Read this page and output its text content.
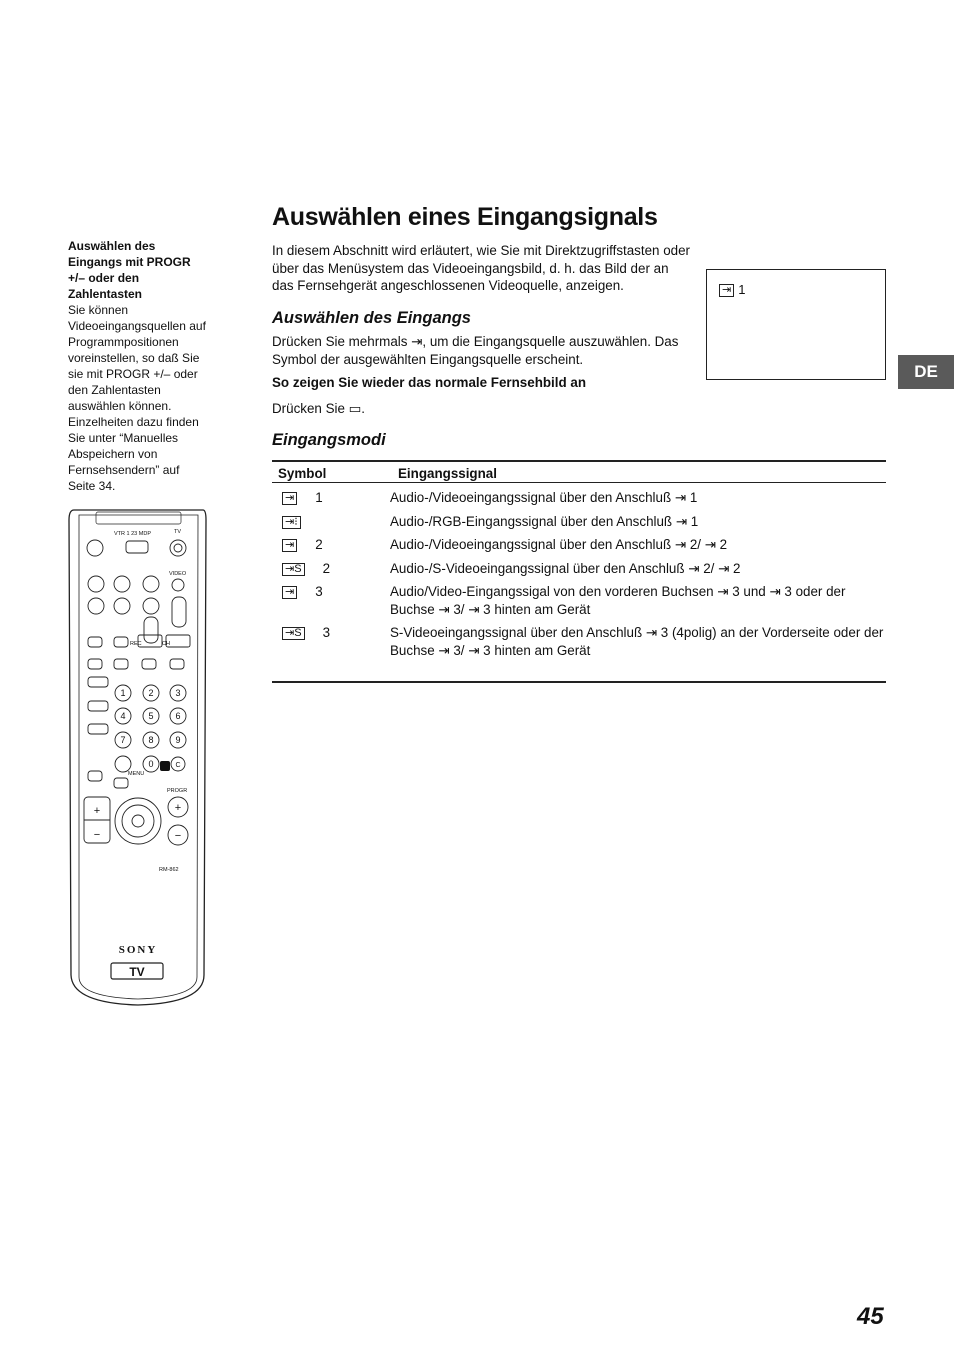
Auswählen des Eingangs mit PROGR +/– oder den Zahlentasten
Sie können Videoeingangsquellen auf Programmpositionen voreinstellen, so daß Sie sie mit PROGR +/– oder den Zahlentasten auswählen können. Einzelheiten dazu finden Sie unter “Manuelles Abspeichern von Fernsehsendern” auf Seite 34.
Auswählen eines Eingangsignals

In diesem Abschnitt wird erläutert, wie Sie mit Direktzugriffstasten oder über das Menüsystem das Videoeingangsbild, d. h. das Bild der an das Fernsehgerät angeschlossenen Videoquelle, anzeigen.

Auswählen des Eingangs

Drücken Sie mehrmals ⇥, um die Eingangsquelle auszuwählen. Das Symbol der ausgewählten Eingangsquelle erscheint.

So zeigen Sie wieder das normale Fernsehbild an

Drücken Sie ▭.

⇥ 1
DE
Eingangsmodi
Symbol	Eingangssignal
⇥ 1	Audio-/Videoeingangssignal über den Anschluß ⇥ 1
⇥⁝	Audio-/RGB-Eingangssignal über den Anschluß ⇥ 1
⇥ 2	Audio-/Videoeingangssignal über den Anschluß ⇥ 2/ ⇥ 2
⇥S 2	Audio-/S-Videoeingangssignal über den Anschluß ⇥ 2/ ⇥ 2
⇥ 3	Audio/Video-Eingangssigal von den vorderen Buchsen ⇥ 3 und ⇥ 3 oder der Buchse ⇥ 3/ ⇥ 3 hinten am Gerät
⇥S 3	S-Videoeingangssignal über den Anschluß ⇥ 3 (4polig) an der Vorderseite oder der Buchse ⇥ 3/ ⇥ 3 hinten am Gerät
VTR 1 23 MDP	TV
VIDEO
REC	CH
MENU
PROGR
RM-862
1	2 3
4	5 6
7	8 9
0	C
+
−
+
−
SONY
TV
45
